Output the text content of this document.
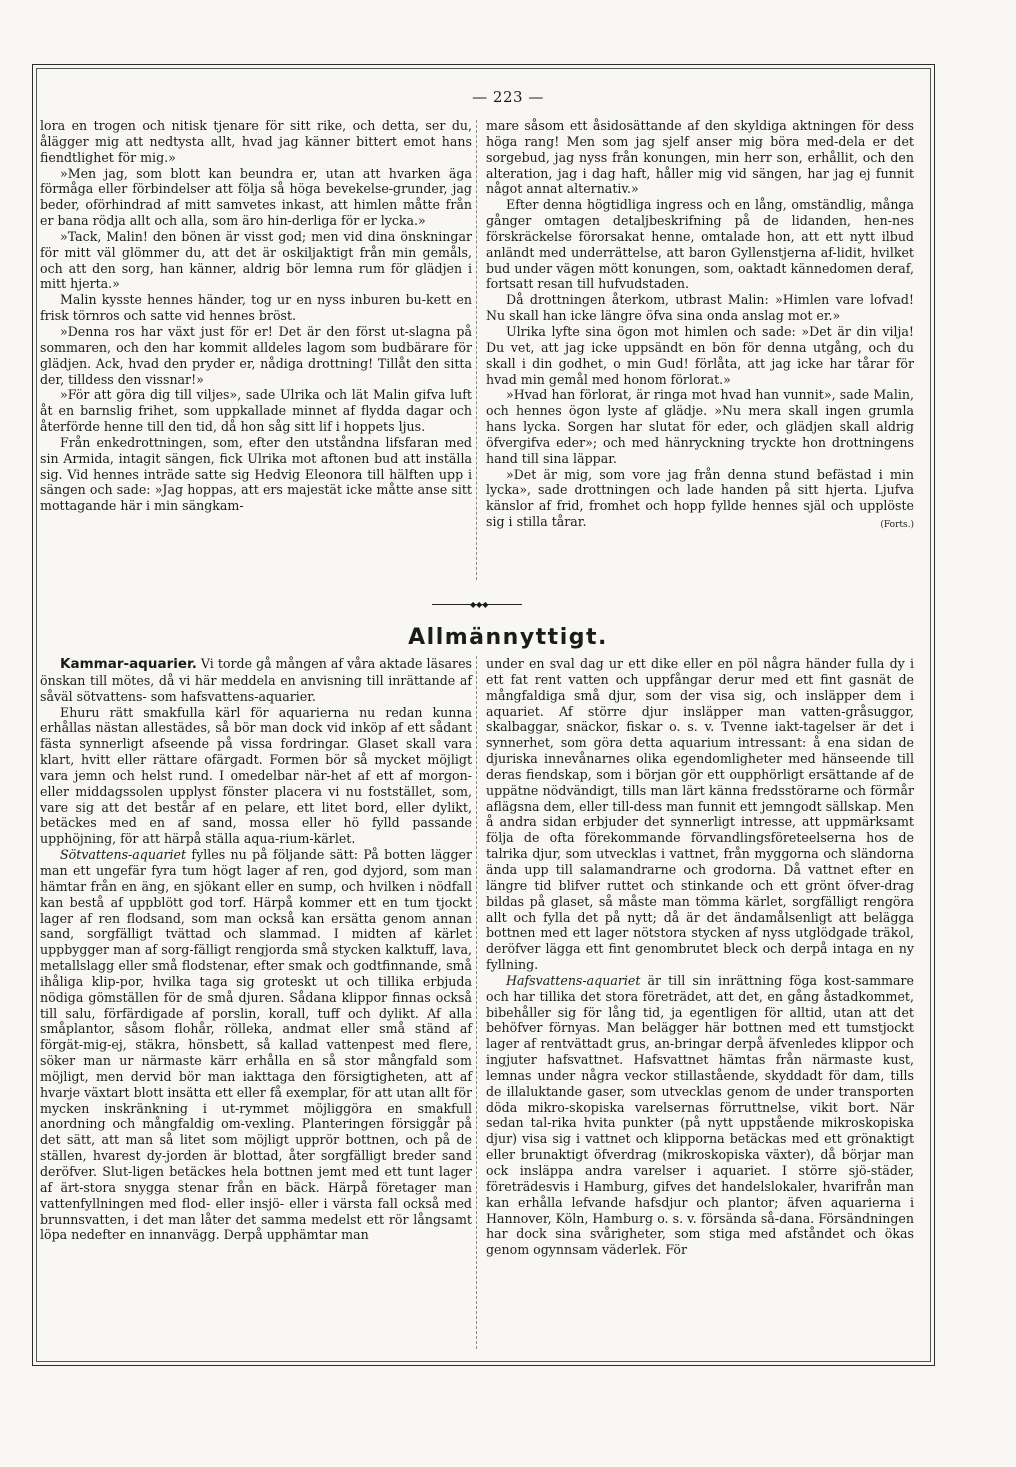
— 223 —

lora en trogen och nitisk tjenare för sitt rike, och detta, ser du, ålägger mig att nedtysta allt, hvad jag känner bittert emot hans fiendtlighet för mig.»

»Men jag, som blott kan beundra er, utan att hvarken äga förmåga eller förbindelser att följa så höga bevekelse-grunder, jag beder, oförhindrad af mitt samvetes inkast, att himlen måtte från er bana rödja allt och alla, som äro hin-derliga för er lycka.»

»Tack, Malin! den bönen är visst god; men vid dina önskningar för mitt väl glömmer du, att det är oskiljaktigt från min gemåls, och att den sorg, han känner, aldrig bör lemna rum för glädjen i mitt hjerta.»

Malin kysste hennes händer, tog ur en nyss inburen bu-kett en frisk törnros och satte vid hennes bröst.

»Denna ros har växt just för er! Det är den först ut-slagna på sommaren, och den har kommit alldeles lagom som budbärare för glädjen. Ack, hvad den pryder er, nådiga drottning! Tillåt den sitta der, tilldess den vissnar!»

»För att göra dig till viljes», sade Ulrika och lät Malin gifva luft åt en barnslig frihet, som uppkallade minnet af flydda dagar och återförde henne till den tid, då hon såg sitt lif i hoppets ljus.

Från enkedrottningen, som, efter den utståndna lifsfaran med sin Armida, intagit sängen, fick Ulrika mot aftonen bud att inställa sig. Vid hennes inträde satte sig Hedvig Eleonora till hälften upp i sängen och sade: »Jag hoppas, att ers majestät icke måtte anse sitt mottagande här i min sängkam-

mare såsom ett åsidosättande af den skyldiga aktningen för dess höga rang! Men som jag sjelf anser mig böra med-dela er det sorgebud, jag nyss från konungen, min herr son, erhållit, och den alteration, jag i dag haft, håller mig vid sängen, har jag ej funnit något annat alternativ.»

Efter denna högtidliga ingress och en lång, omständlig, många gånger omtagen detaljbeskrifning på de lidanden, hen-nes förskräckelse förorsakat henne, omtalade hon, att ett nytt ilbud anländt med underrättelse, att baron Gyllenstjerna af-lidit, hvilket bud under vägen mött konungen, som, oaktadt kännedomen deraf, fortsatt resan till hufvudstaden.

Då drottningen återkom, utbrast Malin: »Himlen vare lofvad! Nu skall han icke längre öfva sina onda anslag mot er.»

Ulrika lyfte sina ögon mot himlen och sade: »Det är din vilja! Du vet, att jag icke uppsändt en bön för denna utgång, och du skall i din godhet, o min Gud! förlåta, att jag icke har tårar för hvad min gemål med honom förlorat.»

»Hvad han förlorat, är ringa mot hvad han vunnit», sade Malin, och hennes ögon lyste af glädje. »Nu mera skall ingen grumla hans lycka. Sorgen har slutat för eder, och glädjen skall aldrig öfvergifva eder»; och med hänryckning tryckte hon drottningens hand till sina läppar.

»Det är mig, som vore jag från denna stund befästad i min lycka», sade drottningen och lade handen på sitt hjerta. Ljufva känslor af frid, fromhet och hopp fyllde hennes själ och upplöste sig i stilla tårar.	(Forts.)

◆◆◆
Allmännyttigt.

Kammar-aquarier. Vi torde gå mången af våra aktade läsares önskan till mötes, då vi här meddela en anvisning till inrättande af såväl sötvattens- som hafsvattens-aquarier.

Ehuru rätt smakfulla kärl för aquarierna nu redan kunna erhållas nästan allestädes, så bör man dock vid inköp af ett sådant fästa synnerligt afseende på vissa fordringar. Glaset skall vara klart, hvitt eller rättare ofärgadt. Formen bör så mycket möjligt vara jemn och helst rund. I omedelbar när-het af ett af morgon- eller middagssolen upplyst fönster placera vi nu foststället, som, vare sig att det består af en pelare, ett litet bord, eller dylikt, betäckes med en af sand, mossa eller hö fylld passande upphöjning, för att härpå ställa aqua-rium-kärlet.

Sötvattens-aquariet fylles nu på följande sätt: På botten lägger man ett ungefär fyra tum högt lager af ren, god dyjord, som man hämtar från en äng, en sjökant eller en sump, och hvilken i nödfall kan bestå af uppblött god torf. Härpå kommer ett en tum tjockt lager af ren flodsand, som man också kan ersätta genom annan sand, sorgfälligt tvättad och slammad. I midten af kärlet uppbygger man af sorg-fälligt rengjorda små stycken kalktuff, lava, metallslagg eller små flodstenar, efter smak och godtfinnande, små ihåliga klip-por, hvilka taga sig groteskt ut och tillika erbjuda nödiga gömställen för de små djuren. Sådana klippor finnas också till salu, förfärdigade af porslin, korall, tuff och dylikt. Af alla småplantor, såsom flohår, rölleka, andmat eller små ständ af förgät-mig-ej, stäkra, hönsbett, så kallad vattenpest med flere, söker man ur närmaste kärr erhålla en så stor mångfald som möjligt, men dervid bör man iakttaga den försigtigheten, att af hvarje växtart blott insätta ett eller få exemplar, för att utan allt för mycken inskränkning i ut-rymmet möjliggöra en smakfull anordning och mångfaldig om-vexling. Planteringen försiggår på det sätt, att man så litet som möjligt upprör bottnen, och på de ställen, hvarest dy-jorden är blottad, åter sorgfälligt breder sand deröfver. Slut-ligen betäckes hela bottnen jemt med ett tunt lager af ärt-stora snygga stenar från en bäck. Härpå företager man vattenfyllningen med flod- eller insjö- eller i värsta fall också med brunnsvatten, i det man låter det samma medelst ett rör långsamt löpa nedefter en innanvägg. Derpå upphämtar man

under en sval dag ur ett dike eller en pöl några händer fulla dy i ett fat rent vatten och uppfångar derur med ett fint gasnät de mångfaldiga små djur, som der visa sig, och insläpper dem i aquariet. Af större djur insläpper man vatten-gråsuggor, skalbaggar, snäckor, fiskar o. s. v. Tvenne iakt-tagelser är det i synnerhet, som göra detta aquarium intressant: å ena sidan de djuriska innevånarnes olika egendomligheter med hänseende till deras fiendskap, som i början gör ett oupphörligt ersättande af de uppätne nödvändigt, tills man lärt känna fredsstörarne och förmår aflägsna dem, eller till-dess man funnit ett jemngodt sällskap. Men å andra sidan erbjuder det synnerligt intresse, att uppmärksamt följa de ofta förekommande förvandlingsföreteelserna hos de talrika djur, som utvecklas i vattnet, från myggorna och sländorna ända upp till salamandrarne och grodorna. Då vattnet efter en längre tid blifver ruttet och stinkande och ett grönt öfver-drag bildas på glaset, så måste man tömma kärlet, sorgfälligt rengöra allt och fylla det på nytt; då är det ändamålsenligt att belägga bottnen med ett lager nötstora stycken af nyss utglödgade träkol, deröfver lägga ett fint genombrutet bleck och derpå intaga en ny fyllning.

Hafsvattens-aquariet är till sin inrättning föga kost-sammare och har tillika det stora företrädet, att det, en gång åstadkommet, bibehåller sig för lång tid, ja egentligen för alltid, utan att det behöfver förnyas. Man belägger här bottnen med ett tumstjockt lager af rentvättadt grus, an-bringar derpå äfvenledes klippor och ingjuter hafsvattnet. Hafsvattnet hämtas från närmaste kust, lemnas under några veckor stillastående, skyddadt för dam, tills de illaluktande gaser, som utvecklas genom de under transporten döda mikro-skopiska varelsernas förruttnelse, vikit bort. När sedan tal-rika hvita punkter (på nytt uppstående mikroskopiska djur) visa sig i vattnet och klipporna betäckas med ett grönaktigt eller brunaktigt öfverdrag (mikroskopiska växter), då börjar man ock insläppa andra varelser i aquariet. I större sjö-städer, företrädesvis i Hamburg, gifves det handelslokaler, hvarifrån man kan erhålla lefvande hafsdjur och plantor; äfven aquarierna i Hannover, Köln, Hamburg o. s. v. försända så-dana. Försändningen har dock sina svårigheter, som stiga med afståndet och ökas genom ogynnsam väderlek. För
